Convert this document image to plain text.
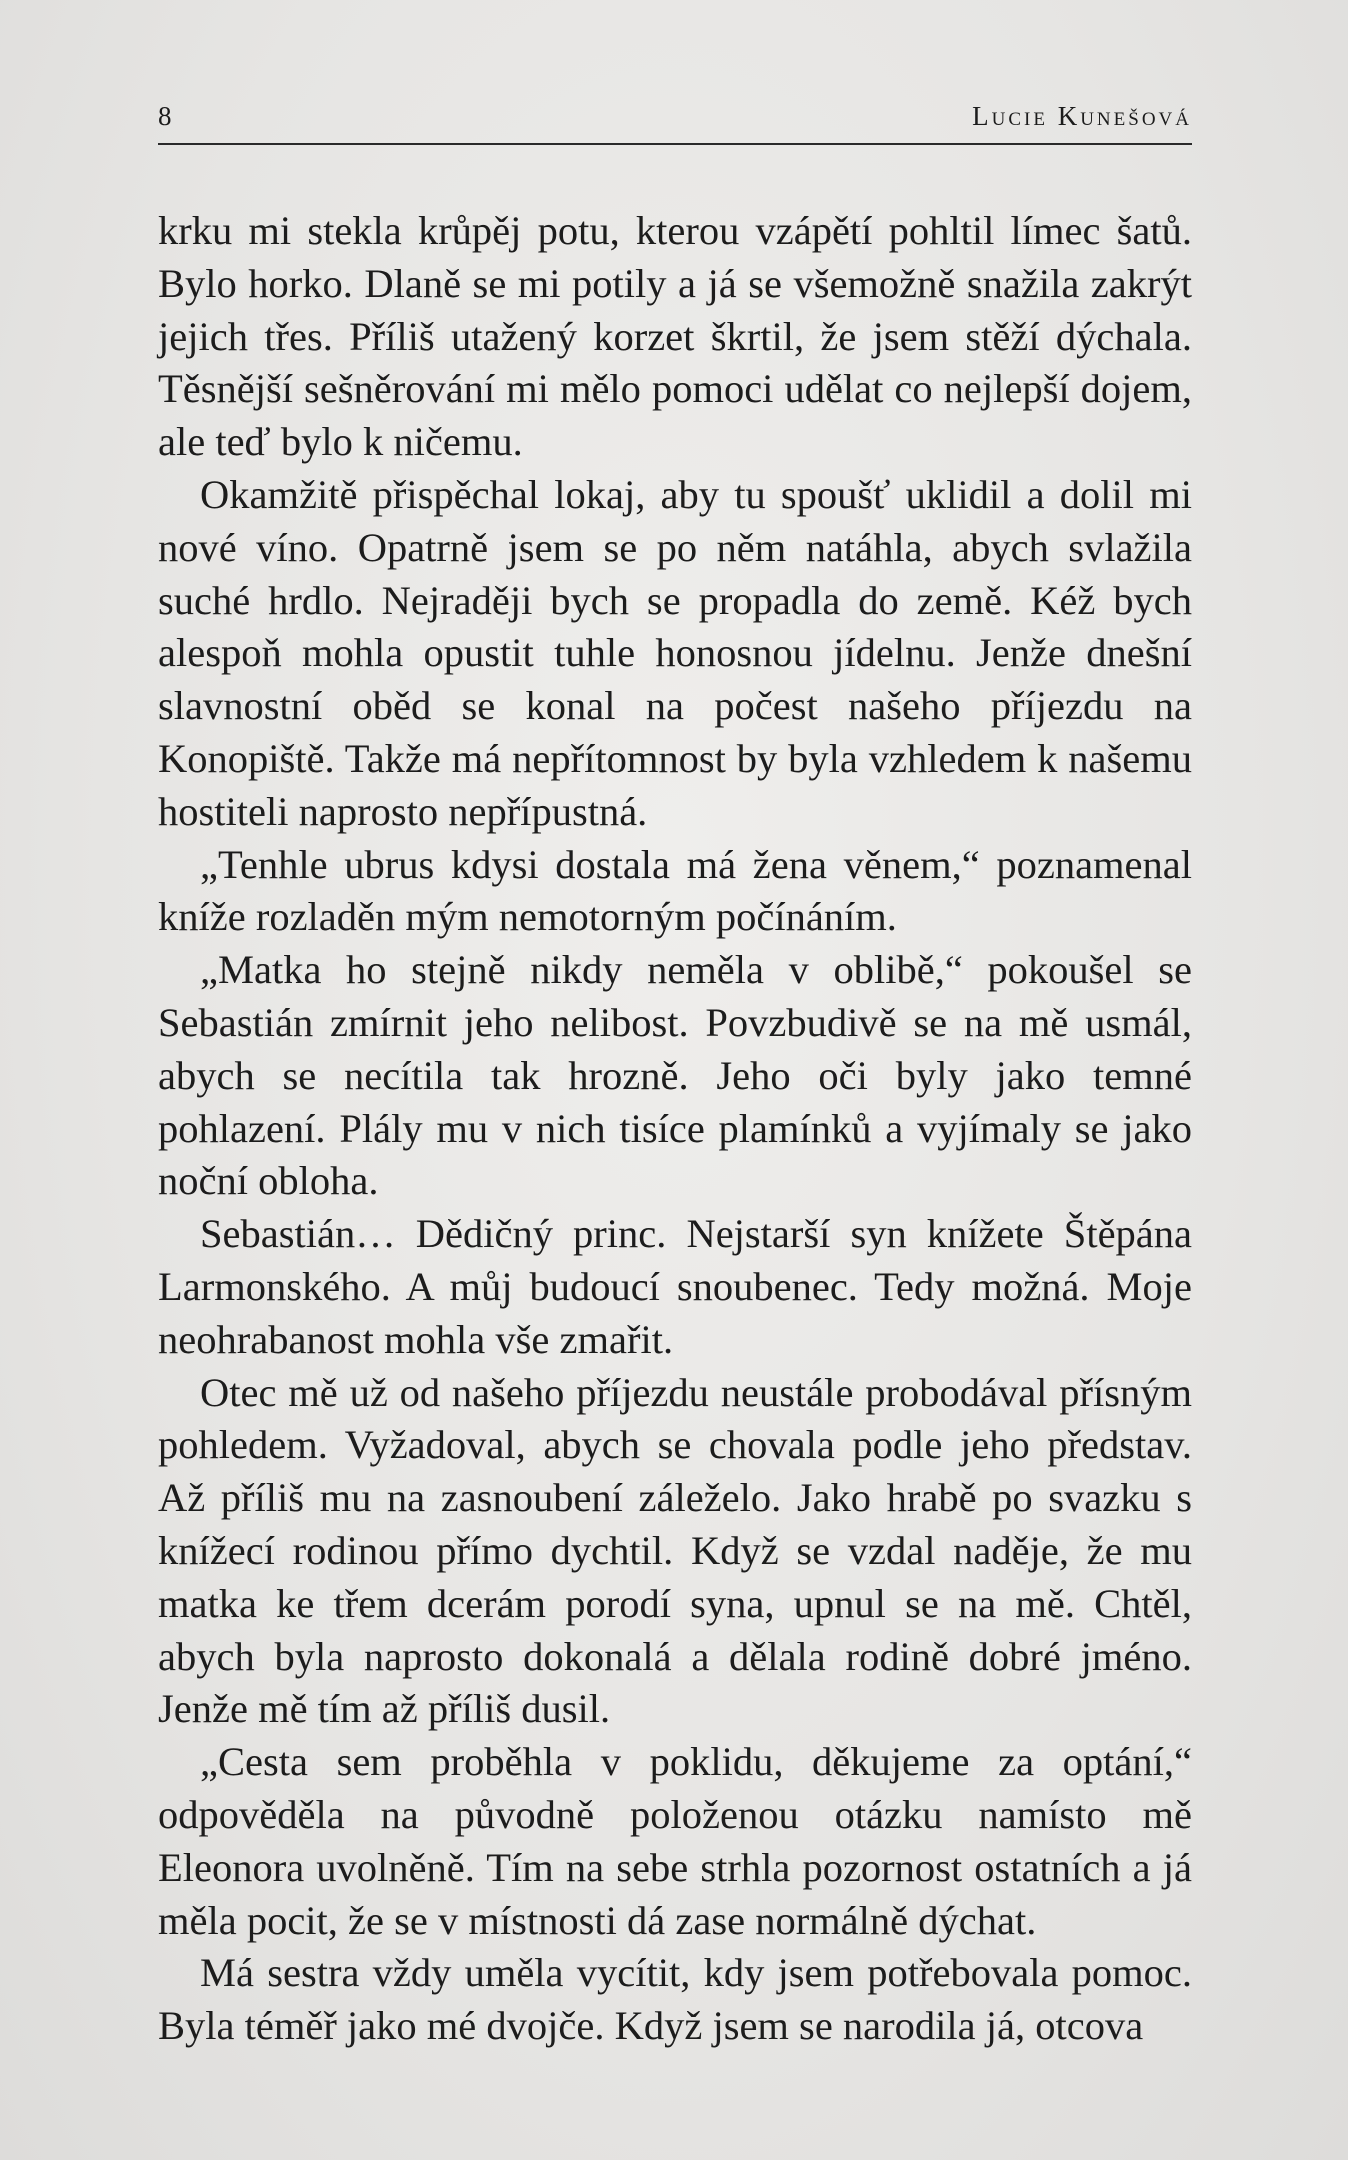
8	Lucie Kunešová

krku mi stekla krůpěj potu, kterou vzápětí pohltil límec šatů. Bylo horko. Dlaně se mi potily a já se všemožně snažila zakrýt jejich třes. Příliš utažený korzet škrtil, že jsem stěží dýchala. Těsnější sešněrování mi mělo pomoci udělat co nejlepší dojem, ale teď bylo k ničemu.

Okamžitě přispěchal lokaj, aby tu spoušť uklidil a dolil mi nové víno. Opatrně jsem se po něm natáhla, abych svlažila suché hrdlo. Nejraději bych se propadla do země. Kéž bych alespoň mohla opustit tuhle honosnou jídelnu. Jenže dnešní slavnostní oběd se konal na počest našeho příjezdu na Konopiště. Takže má nepřítomnost by byla vzhledem k našemu hostiteli naprosto nepřípustná.

„Tenhle ubrus kdysi dostala má žena věnem,“ poznamenal kníže rozladěn mým nemotorným počínáním.

„Matka ho stejně nikdy neměla v oblibě,“ pokoušel se Sebastián zmírnit jeho nelibost. Povzbudivě se na mě usmál, abych se necítila tak hrozně. Jeho oči byly jako temné pohlazení. Plály mu v nich tisíce plamínků a vyjímaly se jako noční obloha.

Sebastián… Dědičný princ. Nejstarší syn knížete Štěpána Larmonského. A můj budoucí snoubenec. Tedy možná. Moje neohrabanost mohla vše zmařit.

Otec mě už od našeho příjezdu neustále probodával přísným pohledem. Vyžadoval, abych se chovala podle jeho představ. Až příliš mu na zasnoubení záleželo. Jako hrabě po svazku s knížecí rodinou přímo dychtil. Když se vzdal naděje, že mu matka ke třem dcerám porodí syna, upnul se na mě. Chtěl, abych byla naprosto dokonalá a dělala rodině dobré jméno. Jenže mě tím až příliš dusil.

„Cesta sem proběhla v poklidu, děkujeme za optání,“ odpověděla na původně položenou otázku namísto mě Eleonora uvolněně. Tím na sebe strhla pozornost ostatních a já měla pocit, že se v místnosti dá zase normálně dýchat.

Má sestra vždy uměla vycítit, kdy jsem potřebovala pomoc. Byla téměř jako mé dvojče. Když jsem se narodila já, otcova
